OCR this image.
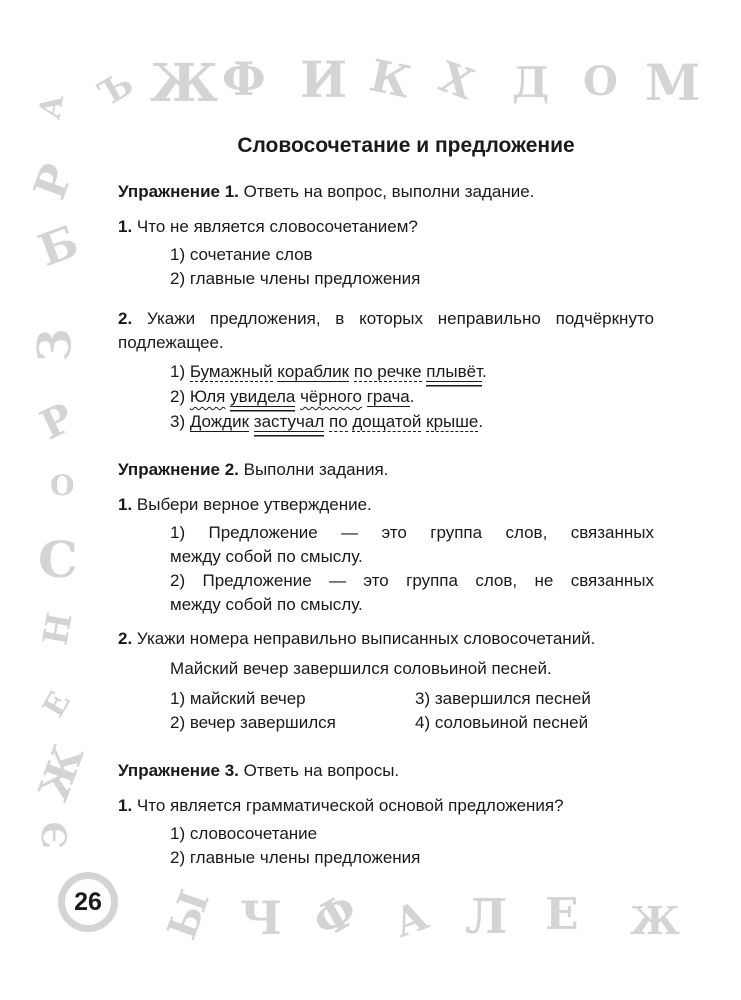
А Ъ Ж Ф И К Х Д О М
Р
Б
З
Р
О
С
Н
Е
Ж
Э
Ы Ч Ф А Л Е Ж
26
Словосочетание и предложение

Упражнение 1. Ответь на вопрос, выполни задание.

1. Что не является словосочетанием?

1) сочетание слов
2) главные члены предложения

2. Укажи предложения, в которых неправильно подчёркнуто подлежащее.

1) Бумажный кораблик по речке плывёт.
2) Юля увидела чёрного грача.
3) Дождик застучал по дощатой крыше.

Упражнение 2. Выполни задания.

1. Выбери верное утверждение.

1) Предложение — это группа слов, связанных
между собой по смыслу.
2) Предложение — это группа слов, не связанных
между собой по смыслу.

2. Укажи номера неправильно выписанных словосочетаний.

Майский вечер завершился соловьиной песней.
1) майский вечер	3) завершился песней
2) вечер завершился	4) соловьиной песней

Упражнение 3. Ответь на вопросы.

1. Что является грамматической основой предложения?

1) словосочетание
2) главные члены предложения
